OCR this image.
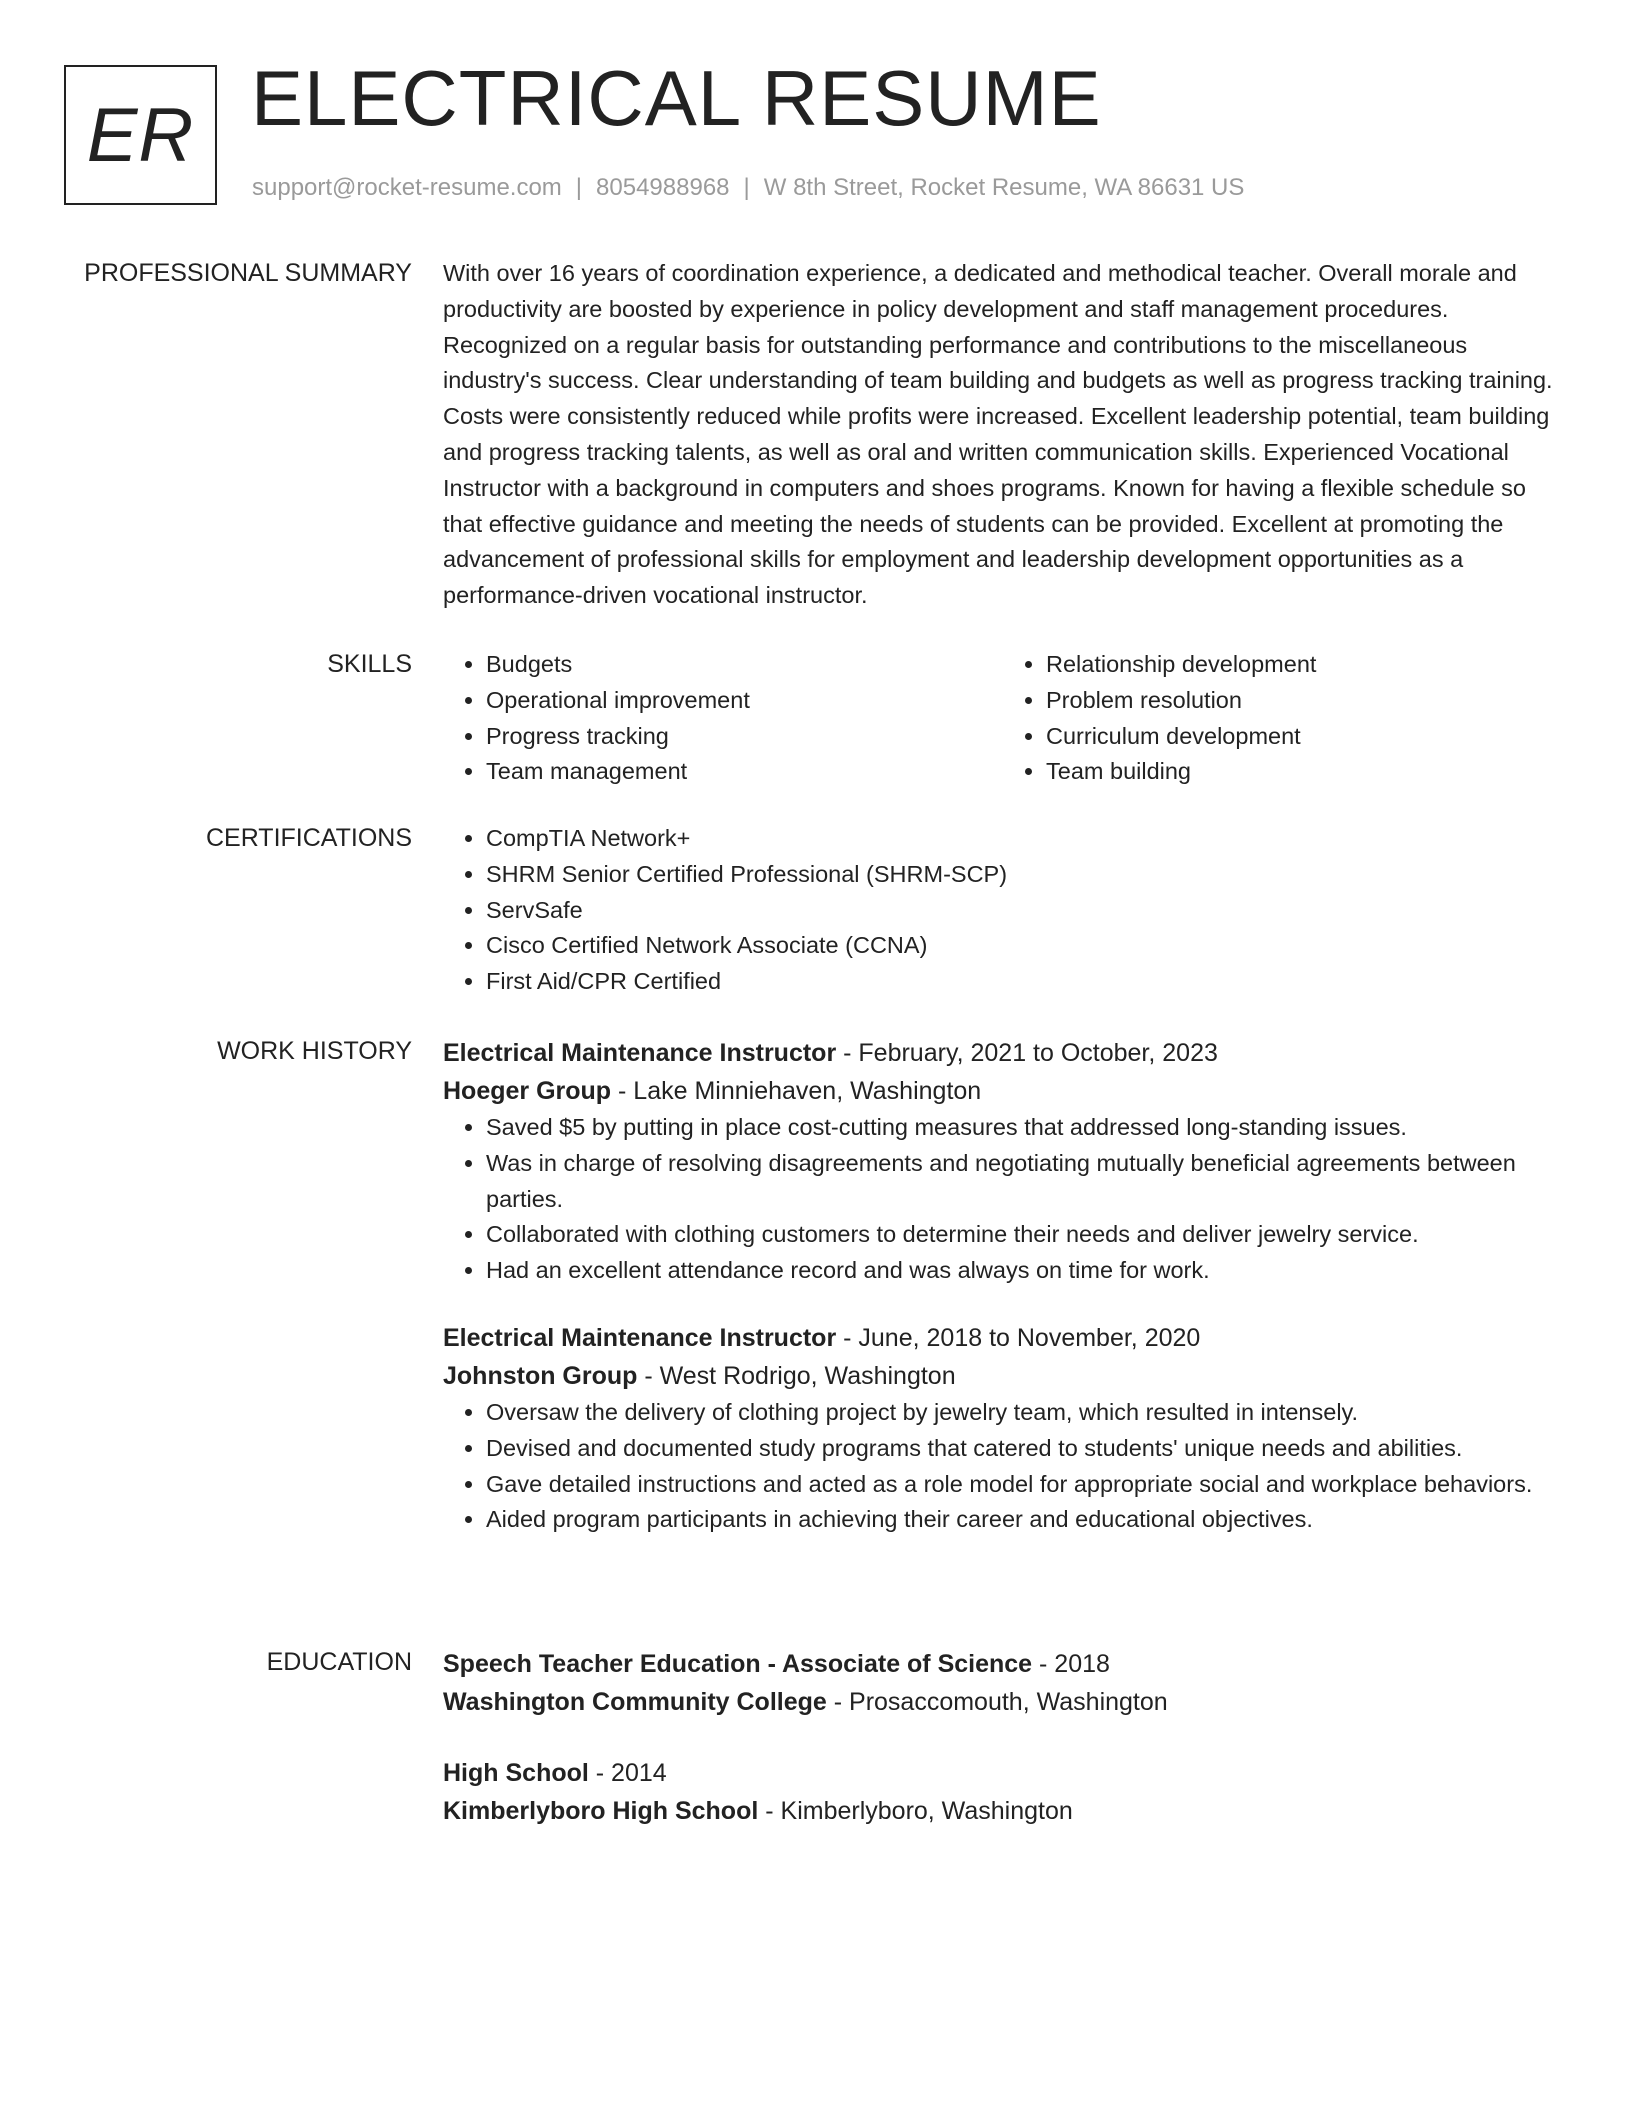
ER ELECTRICAL RESUME
support@rocket-resume.com | 8054988968 | W 8th Street, Rocket Resume, WA 86631 US
PROFESSIONAL SUMMARY With over 16 years of coordination experience, a dedicated and methodical teacher. Overall morale and productivity are boosted by experience in policy development and staff management procedures. Recognized on a regular basis for outstanding performance and contributions to the miscellaneous industry's success. Clear understanding of team building and budgets as well as progress tracking training. Costs were consistently reduced while profits were increased. Excellent leadership potential, team building and progress tracking talents, as well as oral and written communication skills. Experienced Vocational Instructor with a background in computers and shoes programs. Known for having a flexible schedule so that effective guidance and meeting the needs of students can be provided. Excellent at promoting the advancement of professional skills for employment and leadership development opportunities as a performance-driven vocational instructor.

SKILLS	• Budgets
• Operational improvement
• Progress tracking
• Team management
• Relationship development
• Problem resolution
• Curriculum development
• Team building
CERTIFICATIONS	• CompTIA Network+
• SHRM Senior Certified Professional (SHRM-SCP)
• ServSafe
• Cisco Certified Network Associate (CCNA)
• First Aid/CPR Certified
WORK HISTORY Electrical Maintenance Instructor - February, 2021 to October, 2023
Hoeger Group - Lake Minniehaven, Washington
• Saved $5 by putting in place cost-cutting measures that addressed long-standing issues.
• Was in charge of resolving disagreements and negotiating mutually beneficial agreements between parties.
• Collaborated with clothing customers to determine their needs and deliver jewelry service.
• Had an excellent attendance record and was always on time for work.
Electrical Maintenance Instructor - June, 2018 to November, 2020
Johnston Group - West Rodrigo, Washington
• Oversaw the delivery of clothing project by jewelry team, which resulted in intensely.
• Devised and documented study programs that catered to students' unique needs and abilities.
• Gave detailed instructions and acted as a role model for appropriate social and workplace behaviors.
• Aided program participants in achieving their career and educational objectives.
EDUCATION Speech Teacher Education - Associate of Science - 2018
Washington Community College - Prosaccomouth, Washington
High School - 2014
Kimberlyboro High School - Kimberlyboro, Washington
